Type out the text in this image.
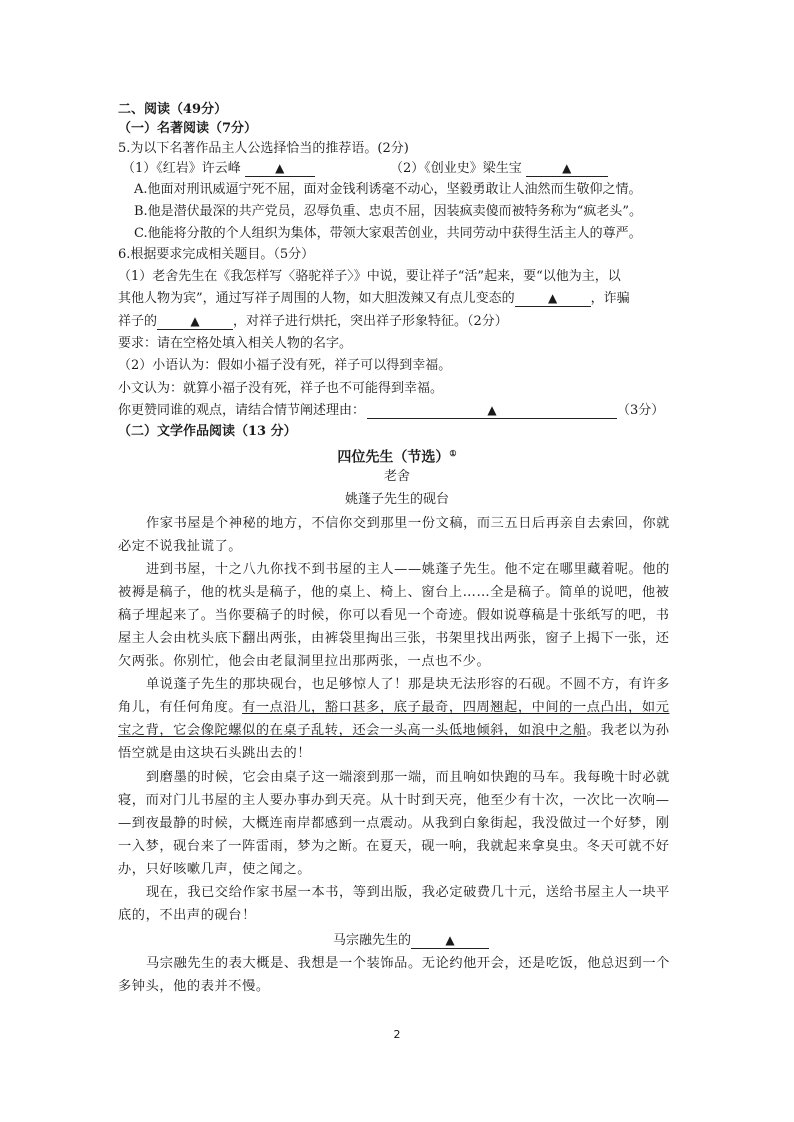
二、阅读（49分）
（一）名著阅读（7分）
5.为以下名著作品主人公选择恰当的推荐语。(2分)
（1）《红岩》许云峰	▲	（2）《创业史》梁生宝	▲
A.他面对刑讯威逼宁死不屈，面对金钱利诱毫不动心，坚毅勇敢让人油然而生敬仰之情。
B.他是潜伏最深的共产党员，忍辱负重、忠贞不屈，因装疯卖傻而被特务称为“疯老头”。
C.他能将分散的个人组织为集体，带领大家艰苦创业，共同劳动中获得生活主人的尊严。
6.根据要求完成相关题目。（5分）
（1）老舍先生在《我怎样写〈骆驼祥子〉》中说，要让祥子“活”起来，要“以他为主，以
其他人物为宾”，通过写祥子周围的人物，如大胆泼辣又有点儿变态的	▲	，诈骗
祥子的	▲	，对祥子进行烘托，突出祥子形象特征。（2分）
要求：请在空格处填入相关人物的名字。
（2）小语认为：假如小福子没有死，祥子可以得到幸福。
小文认为：就算小福子没有死，祥子也不可能得到幸福。
你更赞同谁的观点，请结合情节阐述理由：	▲	（3分）
（二）文学作品阅读（13 分）
四位先生（节选）①
老舍
姚蓬子先生的砚台
作家书屋是个神秘的地方，不信你交到那里一份文稿，而三五日后再亲自去索回，你就
必定不说我扯谎了。
进到书屋，十之八九你找不到书屋的主人——姚蓬子先生。他不定在哪里藏着呢。他的
被褥是稿子，他的枕头是稿子，他的桌上、椅上、窗台上……全是稿子。简单的说吧，他被
稿子埋起来了。当你要稿子的时候，你可以看见一个奇迹。假如说尊稿是十张纸写的吧，书
屋主人会由枕头底下翻出两张，由裤袋里掏出三张，书架里找出两张，窗子上揭下一张，还
欠两张。你别忙，他会由老鼠洞里拉出那两张，一点也不少。
单说蓬子先生的那块砚台，也足够惊人了！那是块无法形容的石砚。不圆不方，有许多
角儿，有任何角度。有一点沿儿，豁口甚多，底子最奇，四周翘起，中间的一点凸出，如元
宝之背，它会像陀螺似的在桌子乱转，还会一头高一头低地倾斜，如浪中之船。我老以为孙
悟空就是由这块石头跳出去的！
到磨墨的时候，它会由桌子这一端滚到那一端，而且响如快跑的马车。我每晚十时必就
寝，而对门儿书屋的主人要办事办到天亮。从十时到天亮，他至少有十次，一次比一次响—
—到夜最静的时候，大概连南岸都感到一点震动。从我到白象街起，我没做过一个好梦，刚
一入梦，砚台来了一阵雷雨，梦为之断。在夏天，砚一响，我就起来拿臭虫。冬天可就不好
办，只好咳嗽几声，使之闻之。
现在，我已交给作家书屋一本书，等到出版，我必定破费几十元，送给书屋主人一块平
底的，不出声的砚台！
马宗融先生的	▲
马宗融先生的表大概是、我想是一个装饰品。无论约他开会，还是吃饭，他总迟到一个
多钟头，他的表并不慢。
2
